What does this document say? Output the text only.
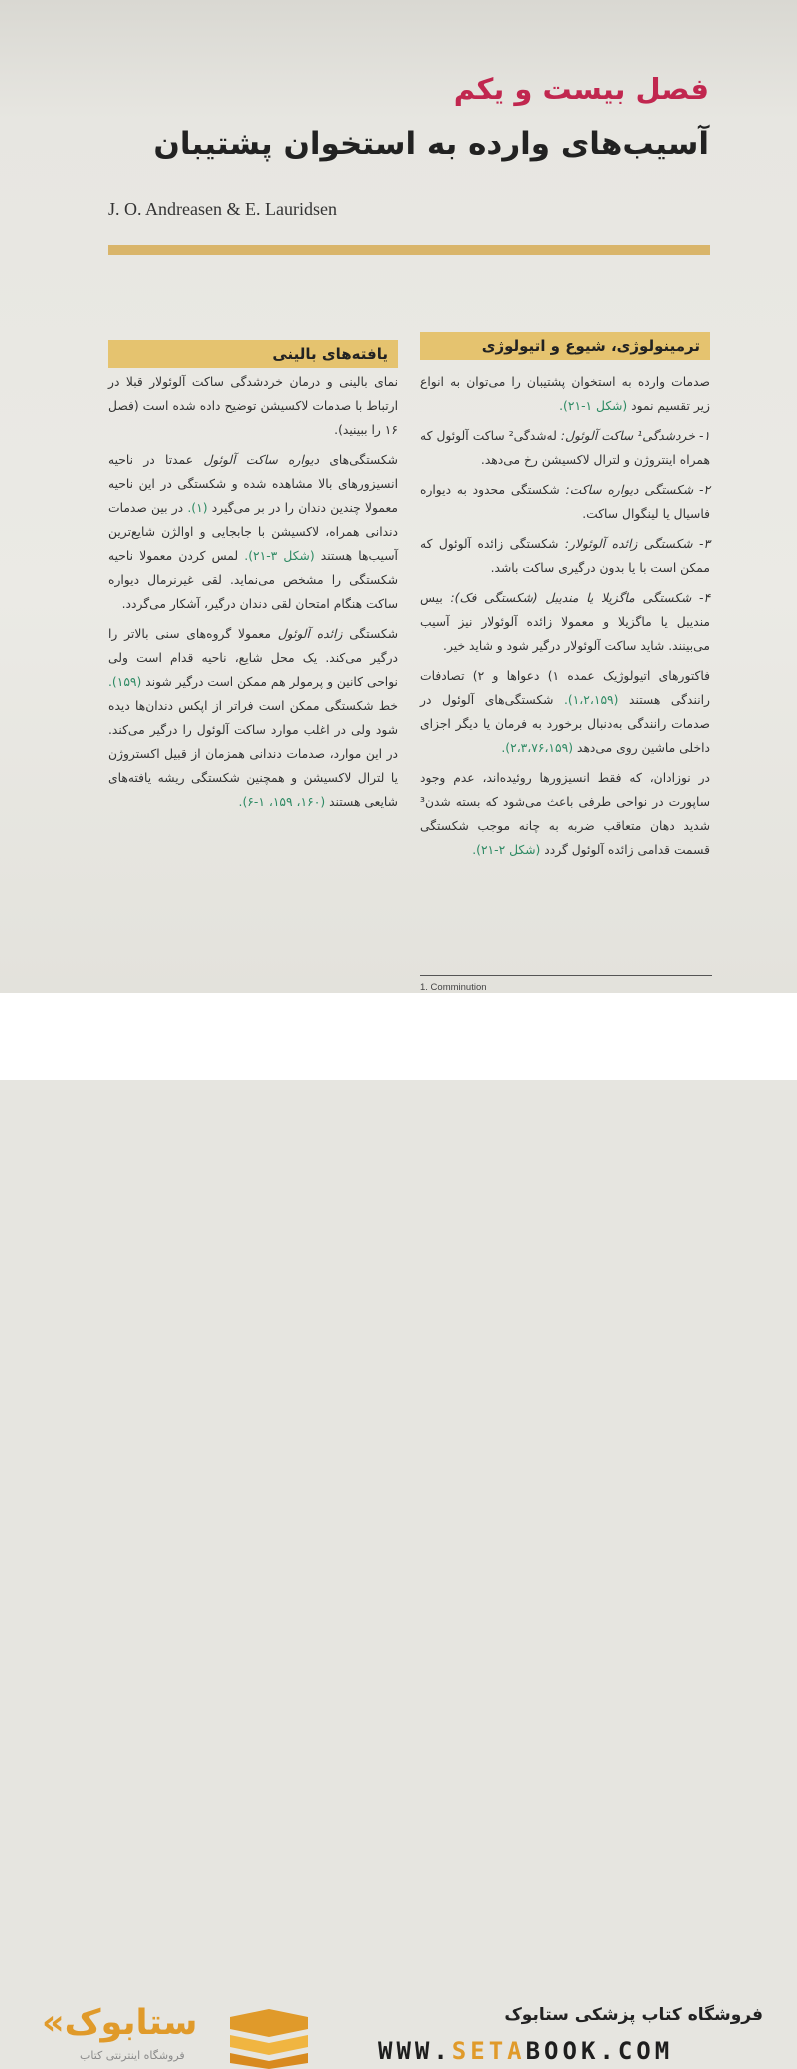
فصل بیست و یکم
آسیب‌های وارده به استخوان پشتیبان
J. O. Andreasen & E. Lauridsen
ترمینولوژی، شیوع و اتیولوژی
یافته‌های بالینی

صدمات وارده به استخوان پشتیبان را می‌توان به انواع زیر تقسیم نمود (شکل ۱-۲۱).

۱- خردشدگی¹ ساکت آلوئول: له‌شدگی² ساکت آلوئول که همراه اینتروژن و لترال لاکسیشن رخ می‌دهد.

۲- شکستگی دیواره ساکت: شکستگی محدود به دیواره فاسیال یا لینگوال ساکت.

۳- شکستگی زائده آلوئولار: شکستگی زائده آلوئول که ممکن است با یا بدون درگیری ساکت باشد.

۴- شکستگی ماگزیلا یا مندیبل (شکستگی فک): بیس مندیبل یا ماگزیلا و معمولا زائده آلوئولار نیز آسیب می‌بینند. شاید ساکت آلوئولار درگیر شود و شاید خیر.

فاکتورهای اتیولوژیک عمده ۱) دعواها و ۲) تصادفات رانندگی هستند (۱،۲،۱۵۹). شکستگی‌های آلوئول در صدمات رانندگی به‌دنبال برخورد به فرمان یا دیگر اجزای داخلی ماشین روی می‌دهد (۲،۳،۷۶،۱۵۹).

در نوزادان، که فقط انسیزورها روئیده‌اند، عدم وجود ساپورت در نواحی طرفی باعث می‌شود که بسته شدن³ شدید دهان متعاقب ضربه به چانه موجب شکستگی قسمت قدامی زائده آلوئول گردد (شکل ۲-۲۱).

نمای بالینی و درمان خردشدگی ساکت آلوئولار قبلا در ارتباط با صدمات لاکسیشن توضیح داده شده است (فصل ۱۶ را ببینید).

شکستگی‌های دیواره ساکت آلوئول عمدتا در ناحیه انسیزورهای بالا مشاهده شده و شکستگی در این ناحیه معمولا چندین دندان را در بر می‌گیرد (۱). در بین صدمات دندانی همراه، لاکسیشن با جابجایی و اوالژن شایع‌ترین آسیب‌ها هستند (شکل ۳-۲۱). لمس کردن معمولا ناحیه شکستگی را مشخص می‌نماید. لقی غیرنرمال دیواره ساکت هنگام امتحان لقی دندان درگیر، آشکار می‌گردد.

شکستگی زائده آلوئول معمولا گروه‌های سنی بالاتر را درگیر می‌کند. یک محل شایع، ناحیه قدام است ولی نواحی کانین و پرمولر هم ممکن است درگیر شوند (۱۵۹). خط شکستگی ممکن است فراتر از اپکس دندان‌ها دیده شود ولی در اغلب موارد ساکت آلوئول را درگیر می‌کند. در این موارد، صدمات دندانی همزمان از قبیل اکستروژن یا لترال لاکسیشن و همچنین شکستگی ریشه یافته‌های شایعی هستند (۱۶۰، ۱۵۹، ۱-۶).

1. Comminution
«ستابوک
فروشگاه اینترنتی کتاب
فروشگاه کتاب پزشکی ستابوک
WWW.SETABOOK.COM
